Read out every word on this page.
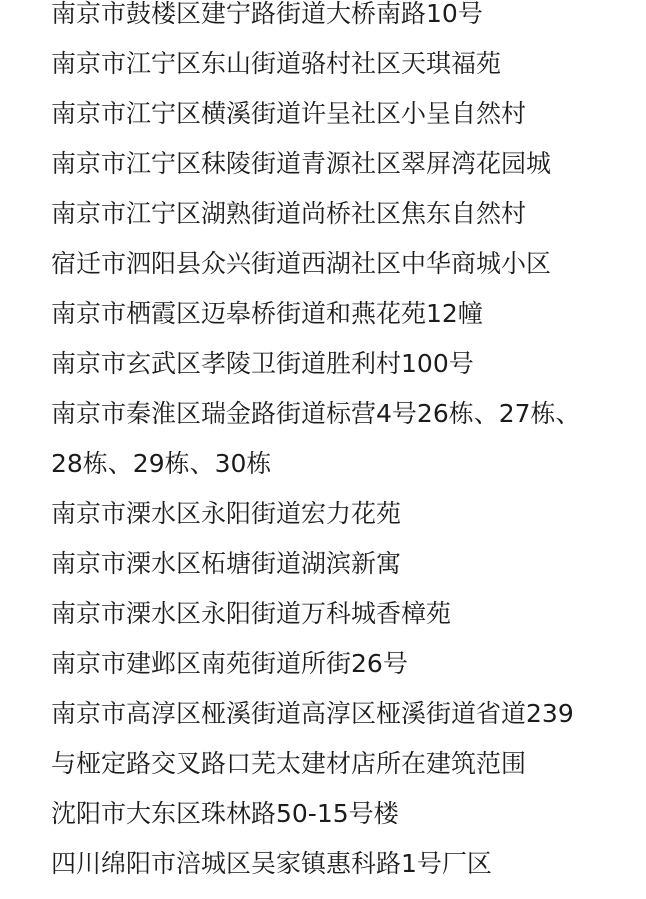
南京市鼓楼区建宁路街道大桥南路10号
南京市江宁区东山街道骆村社区天琪福苑
南京市江宁区横溪街道许呈社区小呈自然村
南京市江宁区秣陵街道青源社区翠屏湾花园城
南京市江宁区湖熟街道尚桥社区焦东自然村
宿迁市泗阳县众兴街道西湖社区中华商城小区
南京市栖霞区迈皋桥街道和燕花苑12幢
南京市玄武区孝陵卫街道胜利村100号
南京市秦淮区瑞金路街道标营4号26栋、27栋、
28栋、29栋、30栋
南京市溧水区永阳街道宏力花苑
南京市溧水区柘塘街道湖滨新寓
南京市溧水区永阳街道万科城香樟苑
南京市建邺区南苑街道所街26号
南京市高淳区桠溪街道高淳区桠溪街道省道239
与桠定路交叉路口芜太建材店所在建筑范围
沈阳市大东区珠林路50-15号楼
四川绵阳市涪城区吴家镇惠科路1号厂区
